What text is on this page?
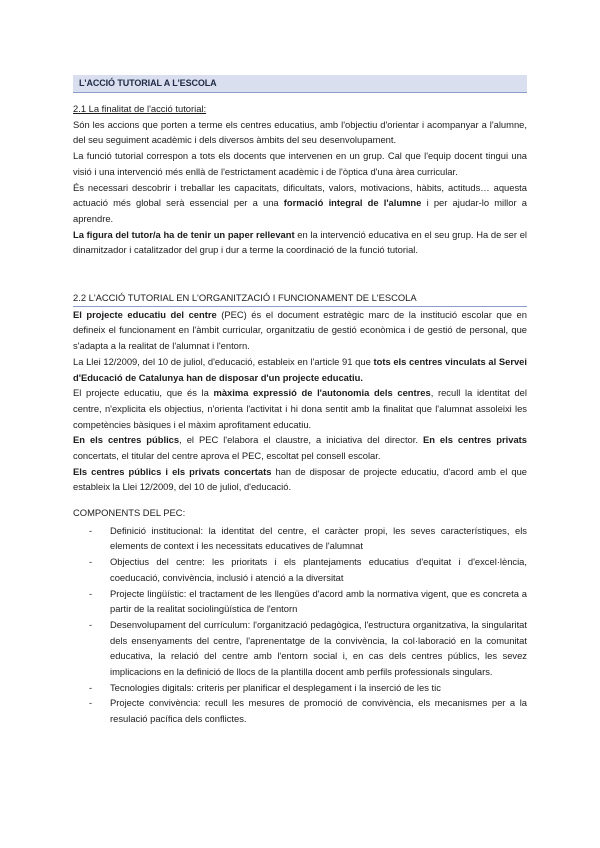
L'ACCIÓ TUTORIAL A L'ESCOLA

2.1 La finalitat de l'acció tutorial:

Són les accions que porten a terme els centres educatius, amb l'objectiu d'orientar i acompanyar a l'alumne, del seu seguiment acadèmic i dels diversos àmbits del seu desenvolupament.

La funció tutorial correspon a tots els docents que intervenen en un grup. Cal que l'equip docent tingui una visió i una intervenció més enllà de l'estrictament acadèmic i de l'òptica d'una àrea curricular.

És necessari descobrir i treballar les capacitats, dificultats, valors, motivacions, hàbits, actituds… aquesta actuació més global serà essencial per a una formació integral de l'alumne i per ajudar-lo millor a aprendre.

La figura del tutor/a ha de tenir un paper rellevant en la intervenció educativa en el seu grup. Ha de ser el dinamitzador i catalitzador del grup i dur a terme la coordinació de la funció tutorial.

2.2 L'ACCIÓ TUTORIAL EN L'ORGANITZACIÓ I FUNCIONAMENT DE L'ESCOLA

El projecte educatiu del centre (PEC) és el document estratègic marc de la institució escolar que en defineix el funcionament en l'àmbit curricular, organitzatiu de gestió econòmica i de gestió de personal, que s'adapta a la realitat de l'alumnat i l'entorn.

La Llei 12/2009, del 10 de juliol, d'educació, estableix en l'article 91 que tots els centres vinculats al Servei d'Educació de Catalunya han de disposar d'un projecte educatiu.

El projecte educatiu, que és la màxima expressió de l'autonomia dels centres, recull la identitat del centre, n'explicita els objectius, n'orienta l'activitat i hi dona sentit amb la finalitat que l'alumnat assoleixi les competències bàsiques i el màxim aprofitament educatiu.

En els centres públics, el PEC l'elabora el claustre, a iniciativa del director. En els centres privats concertats, el titular del centre aprova el PEC, escoltat pel consell escolar.

Els centres públics i els privats concertats han de disposar de projecte educatiu, d'acord amb el que estableix la Llei 12/2009, del 10 de juliol, d'educació.

COMPONENTS DEL PEC:

- Definició institucional: la identitat del centre, el caràcter propi, les seves característiques, els elements de context i les necessitats educatives de l'alumnat
- Objectius del centre: les prioritats i els plantejaments educatius d'equitat i d'excel·lència, coeducació, convivència, inclusió i atenció a la diversitat
- Projecte lingüístic: el tractament de les llengües d'acord amb la normativa vigent, que es concreta a partir de la realitat sociolingüística de l'entorn
- Desenvolupament del currículum: l'organització pedagògica, l'estructura organitzativa, la singularitat dels ensenyaments del centre, l'aprenentatge de la convivència, la col·laboració en la comunitat educativa, la relació del centre amb l'entorn social i, en cas dels centres públics, les sevez implicacions en la definició de llocs de la plantilla docent amb perfils professionals singulars.
- Tecnologies digitals: criteris per planificar el desplegament i la inserció de les tic
- Projecte convivència: recull les mesures de promoció de convivència, els mecanismes per a la resulació pacífica dels conflictes.
